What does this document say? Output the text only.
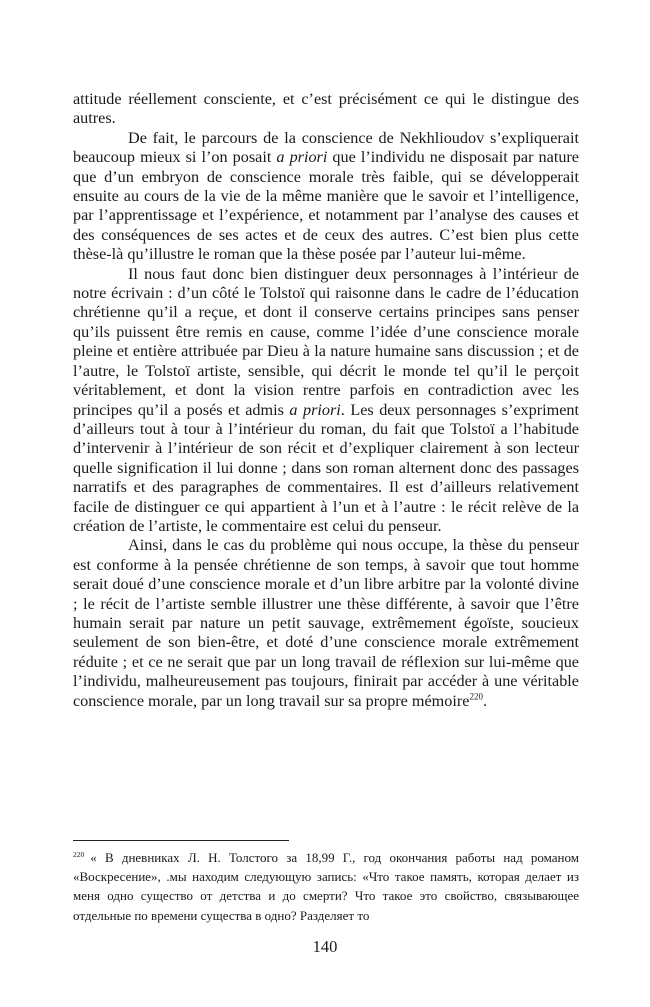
attitude réellement consciente, et c’est précisément ce qui le distingue des autres.

De fait, le parcours de la conscience de Nekhlioudov s’expliquerait beaucoup mieux si l’on posait a priori que l’individu ne disposait par nature que d’un embryon de conscience morale très faible, qui se développerait ensuite au cours de la vie de la même manière que le savoir et l’intelligence, par l’apprentissage et l’expérience, et notamment par l’analyse des causes et des conséquences de ses actes et de ceux des autres. C’est bien plus cette thèse-là qu’illustre le roman que la thèse posée par l’auteur lui-même.

Il nous faut donc bien distinguer deux personnages à l’intérieur de notre écrivain : d’un côté le Tolstoï qui raisonne dans le cadre de l’éducation chrétienne qu’il a reçue, et dont il conserve certains principes sans penser qu’ils puissent être remis en cause, comme l’idée d’une conscience morale pleine et entière attribuée par Dieu à la nature humaine sans discussion ; et de l’autre, le Tolstoï artiste, sensible, qui décrit le monde tel qu’il le perçoit véritablement, et dont la vision rentre parfois en contradiction avec les principes qu’il a posés et admis a priori. Les deux personnages s’expriment d’ailleurs tout à tour à l’intérieur du roman, du fait que Tolstoï a l’habitude d’intervenir à l’intérieur de son récit et d’expliquer clairement à son lecteur quelle signification il lui donne ; dans son roman alternent donc des passages narratifs et des paragraphes de commentaires. Il est d’ailleurs relativement facile de distinguer ce qui appartient à l’un et à l’autre : le récit relève de la création de l’artiste, le commentaire est celui du penseur.

Ainsi, dans le cas du problème qui nous occupe, la thèse du penseur est conforme à la pensée chrétienne de son temps, à savoir que tout homme serait doué d’une conscience morale et d’un libre arbitre par la volonté divine ; le récit de l’artiste semble illustrer une thèse différente, à savoir que l’être humain serait par nature un petit sauvage, extrêmement égoïste, soucieux seulement de son bien-être, et doté d’une conscience morale extrêmement réduite ; et ce ne serait que par un long travail de réflexion sur lui-même que l’individu, malheureusement pas toujours, finirait par accéder à une véritable conscience morale, par un long travail sur sa propre mémoire$^{220}$.

$^{220}$ « В дневниках Л. Н. Толстого за 18,99 Г., год окончания работы над романом «Воскресение», .мы находим следующую запись: «Что такое память, которая делает из меня одно существо от детства и до смерти? Что такое это свойство, связывающее отдельные по времени существа в одно? Разделяет то
140
